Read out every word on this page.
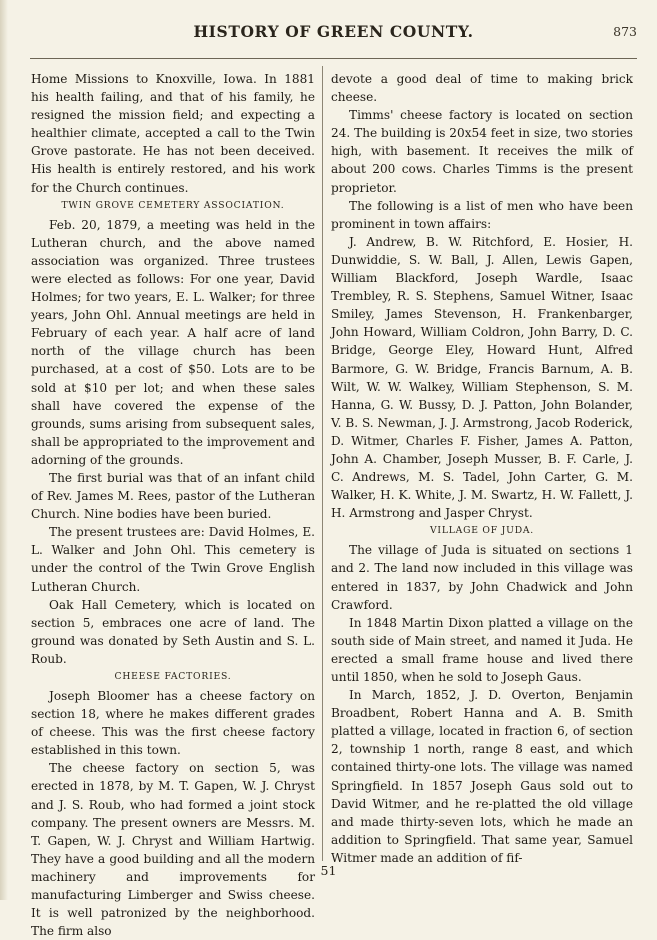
HISTORY OF GREEN COUNTY.	873

Home Missions to Knoxville, Iowa. In 1881 his health failing, and that of his family, he resigned the mission field; and expecting a healthier climate, accepted a call to the Twin Grove pastorate. He has not been deceived. His health is entirely restored, and his work for the Church continues.

TWIN GROVE CEMETERY ASSOCIATION.

Feb. 20, 1879, a meeting was held in the Lutheran church, and the above named association was organized. Three trustees were elected as follows: For one year, David Holmes; for two years, E. L. Walker; for three years, John Ohl. Annual meetings are held in February of each year. A half acre of land north of the village church has been purchased, at a cost of $50. Lots are to be sold at $10 per lot; and when these sales shall have covered the expense of the grounds, sums arising from subsequent sales, shall be appropriated to the improvement and adorning of the grounds.

The first burial was that of an infant child of Rev. James M. Rees, pastor of the Lutheran Church. Nine bodies have been buried.

The present trustees are: David Holmes, E. L. Walker and John Ohl. This cemetery is under the control of the Twin Grove English Lutheran Church.

Oak Hall Cemetery, which is located on section 5, embraces one acre of land. The ground was donated by Seth Austin and S. L. Roub.

CHEESE FACTORIES.

Joseph Bloomer has a cheese factory on section 18, where he makes different grades of cheese. This was the first cheese factory established in this town.

The cheese factory on section 5, was erected in 1878, by M. T. Gapen, W. J. Chryst and J. S. Roub, who had formed a joint stock company. The present owners are Messrs. M. T. Gapen, W. J. Chryst and William Hartwig. They have a good building and all the modern machinery and improvements for manufacturing Limberger and Swiss cheese. It is well patronized by the neighborhood. The firm also

devote a good deal of time to making brick cheese.

Timms' cheese factory is located on section 24. The building is 20x54 feet in size, two stories high, with basement. It receives the milk of about 200 cows. Charles Timms is the present proprietor.

The following is a list of men who have been prominent in town affairs:

J. Andrew, B. W. Ritchford, E. Hosier, H. Dunwiddie, S. W. Ball, J. Allen, Lewis Gapen, William Blackford, Joseph Wardle, Isaac Trembley, R. S. Stephens, Samuel Witner, Isaac Smiley, James Stevenson, H. Frankenbarger, John Howard, William Coldron, John Barry, D. C. Bridge, George Eley, Howard Hunt, Alfred Barmore, G. W. Bridge, Francis Barnum, A. B. Wilt, W. W. Walkey, William Stephenson, S. M. Hanna, G. W. Bussy, D. J. Patton, John Bolander, V. B. S. Newman, J. J. Armstrong, Jacob Roderick, D. Witmer, Charles F. Fisher, James A. Patton, John A. Chamber, Joseph Musser, B. F. Carle, J. C. Andrews, M. S. Tadel, John Carter, G. M. Walker, H. K. White, J. M. Swartz, H. W. Fallett, J. H. Armstrong and Jasper Chryst.

VILLAGE OF JUDA.

The village of Juda is situated on sections 1 and 2. The land now included in this village was entered in 1837, by John Chadwick and John Crawford.

In 1848 Martin Dixon platted a village on the south side of Main street, and named it Juda. He erected a small frame house and lived there until 1850, when he sold to Joseph Gaus.

In March, 1852, J. D. Overton, Benjamin Broadbent, Robert Hanna and A. B. Smith platted a village, located in fraction 6, of section 2, township 1 north, range 8 east, and which contained thirty-one lots. The village was named Springfield. In 1857 Joseph Gaus sold out to David Witmer, and he re-platted the old village and made thirty-seven lots, which he made an addition to Springfield. That same year, Samuel Witmer made an addition of fif-

51
